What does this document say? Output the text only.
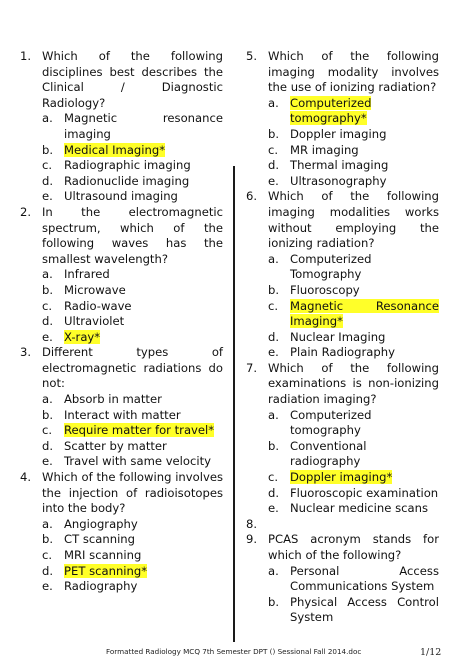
1. Which of the following disciplines best describes the Clinical / Diagnostic Radiology?
a. Magnetic resonance imaging
b. Medical Imaging*
c.	Radiographic imaging
d. Radionuclide imaging
e. Ultrasound imaging
2. In the electromagnetic spectrum, which of the following waves has the smallest wavelength?
a. Infrared
b. Microwave
c.	Radio-wave
d. Ultraviolet
e. X-ray*
3. Different types of electromagnetic radiations do not:
a. Absorb in matter
b. Interact with matter
c.	Require matter for travel*
d. Scatter by matter
e. Travel with same velocity
4. Which of the following involves the injection of radioisotopes into the body?
a. Angiography
b. CT scanning
c.	MRI scanning
d. PET scanning*
e. Radiography
5. Which of the following imaging modality involves the use of ionizing radiation?
a. Computerized tomography*
b. Doppler imaging
c.	MR imaging
d. Thermal imaging
e. Ultrasonography
6. Which of the following imaging modalities works without employing the ionizing radiation?
a. Computerized Tomography
b. Fluoroscopy
c.	Magnetic Resonance Imaging*
d. Nuclear Imaging
e. Plain Radiography
7. Which of the following examinations is non-ionizing radiation imaging?
a. Computerized tomography
b. Conventional radiography
c.	Doppler imaging*
d. Fluoroscopic examination
e. Nuclear medicine scans
8.
9. PCAS acronym stands for which of the following?
a. Personal Access Communications System
b. Physical Access Control System
Formatted Radiology MCQ 7th Semester DPT () Sessional Fall 2014.doc	1/12
